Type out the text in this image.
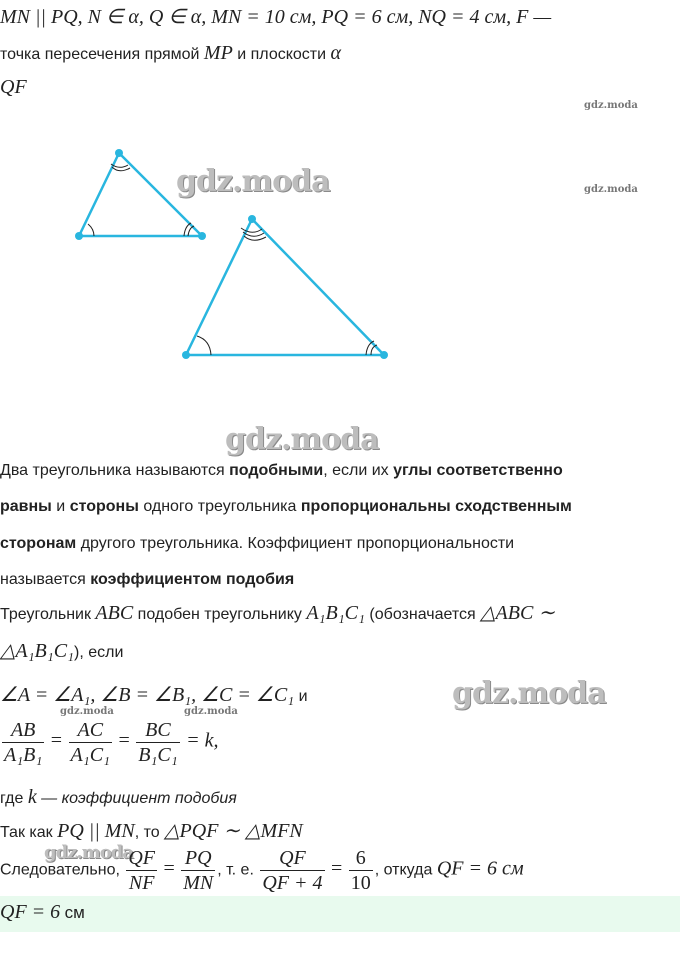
MN || PQ, N ∈ α, Q ∈ α, MN = 10 см, PQ = 6 см, NQ = 4 см, F —
точка пересечения прямой MP и плоскости α
QF
gdz.moda
gdz.moda
gdz.moda
gdz.moda
Два треугольника называются подобными, если их углы соответственно
равны и стороны одного треугольника пропорциональны сходственным
сторонам другого треугольника. Коэффициент пропорциональности
называется коэффициентом подобия
Треугольник ABC подобен треугольнику A₁B₁C₁ (обозначается △ABC ∼
△A₁B₁C₁), если
gdz.moda
∠A = ∠A₁, ∠B = ∠B₁, ∠C = ∠C₁ и
gdz.moda	gdz.moda
$\frac{AB}{\text{A₁B₁}} = \frac{AC}{\text{A₁C₁}} = \frac{BC}{\text{B₁C₁}} = k$,
где k — коэффициент подобия
Так как PQ || MN, то △PQF ∼ △MFN
gdz.moda
Следовательно, $\frac{QF}{NF} = \frac{PQ}{MN}$ , т. е. $\frac{QF}{QF + 4} = \frac{6}{10}$ , откуда QF = 6 см
QF = 6 см
